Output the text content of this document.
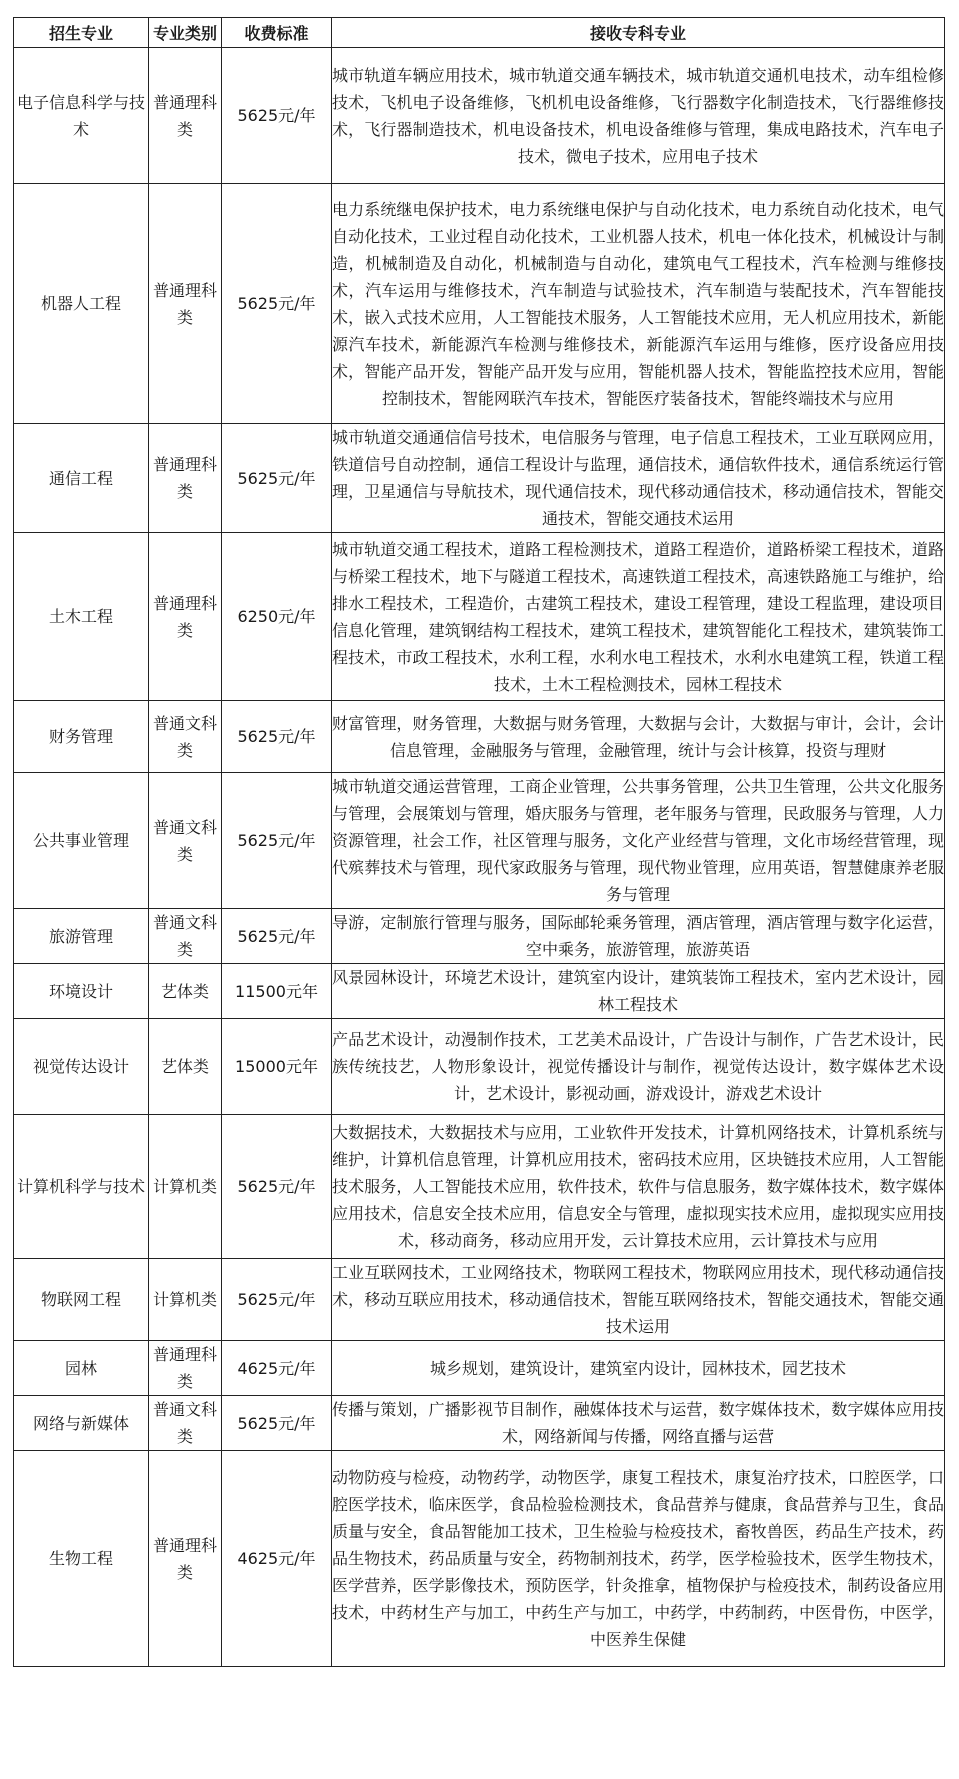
招生专业	专业类别	收费标准	接收专科专业
电子信息科学与技术	普通理科类	5625元/年	城市轨道车辆应用技术，城市轨道交通车辆技术，城市轨道交通机电技术，动车组检修技术，飞机电子设备维修，飞机机电设备维修，飞行器数字化制造技术，飞行器维修技术，飞行器制造技术，机电设备技术，机电设备维修与管理，集成电路技术，汽车电子技术，微电子技术，应用电子技术
机器人工程	普通理科类	5625元/年	电力系统继电保护技术，电力系统继电保护与自动化技术，电力系统自动化技术，电气自动化技术，工业过程自动化技术，工业机器人技术，机电一体化技术，机械设计与制造，机械制造及自动化，机械制造与自动化，建筑电气工程技术，汽车检测与维修技术，汽车运用与维修技术，汽车制造与试验技术，汽车制造与装配技术，汽车智能技术，嵌入式技术应用，人工智能技术服务，人工智能技术应用，无人机应用技术，新能源汽车技术，新能源汽车检测与维修技术，新能源汽车运用与维修，医疗设备应用技术，智能产品开发，智能产品开发与应用，智能机器人技术，智能监控技术应用，智能控制技术，智能网联汽车技术，智能医疗装备技术，智能终端技术与应用
通信工程	普通理科类	5625元/年	城市轨道交通通信信号技术，电信服务与管理，电子信息工程技术，工业互联网应用，铁道信号自动控制，通信工程设计与监理，通信技术，通信软件技术，通信系统运行管理，卫星通信与导航技术，现代通信技术，现代移动通信技术，移动通信技术，智能交通技术，智能交通技术运用
土木工程	普通理科类	6250元/年	城市轨道交通工程技术，道路工程检测技术，道路工程造价，道路桥梁工程技术，道路与桥梁工程技术，地下与隧道工程技术，高速铁道工程技术，高速铁路施工与维护，给排水工程技术，工程造价，古建筑工程技术，建设工程管理，建设工程监理，建设项目信息化管理，建筑钢结构工程技术，建筑工程技术，建筑智能化工程技术，建筑装饰工程技术，市政工程技术，水利工程，水利水电工程技术，水利水电建筑工程，铁道工程技术，土木工程检测技术，园林工程技术
财务管理	普通文科类	5625元/年	财富管理，财务管理，大数据与财务管理，大数据与会计，大数据与审计，会计，会计信息管理，金融服务与管理，金融管理，统计与会计核算，投资与理财
公共事业管理	普通文科类	5625元/年	城市轨道交通运营管理，工商企业管理，公共事务管理，公共卫生管理，公共文化服务与管理，会展策划与管理，婚庆服务与管理，老年服务与管理，民政服务与管理，人力资源管理，社会工作，社区管理与服务，文化产业经营与管理，文化市场经营管理，现代殡葬技术与管理，现代家政服务与管理，现代物业管理，应用英语，智慧健康养老服务与管理
旅游管理	普通文科类	5625元/年	导游，定制旅行管理与服务，国际邮轮乘务管理，酒店管理，酒店管理与数字化运营，空中乘务，旅游管理，旅游英语
环境设计	艺体类	11500元年	风景园林设计，环境艺术设计，建筑室内设计，建筑装饰工程技术，室内艺术设计，园林工程技术
视觉传达设计	艺体类	15000元年	产品艺术设计，动漫制作技术，工艺美术品设计，广告设计与制作，广告艺术设计，民族传统技艺，人物形象设计，视觉传播设计与制作，视觉传达设计，数字媒体艺术设计，艺术设计，影视动画，游戏设计，游戏艺术设计
计算机科学与技术	计算机类	5625元/年	大数据技术，大数据技术与应用，工业软件开发技术，计算机网络技术，计算机系统与维护，计算机信息管理，计算机应用技术，密码技术应用，区块链技术应用，人工智能技术服务，人工智能技术应用，软件技术，软件与信息服务，数字媒体技术，数字媒体应用技术，信息安全技术应用，信息安全与管理，虚拟现实技术应用，虚拟现实应用技术，移动商务，移动应用开发，云计算技术应用，云计算技术与应用
物联网工程	计算机类	5625元/年	工业互联网技术，工业网络技术，物联网工程技术，物联网应用技术，现代移动通信技术，移动互联应用技术，移动通信技术，智能互联网络技术，智能交通技术，智能交通技术运用
园林	普通理科类	4625元/年	城乡规划，建筑设计，建筑室内设计，园林技术，园艺技术
网络与新媒体	普通文科类	5625元/年	传播与策划，广播影视节目制作，融媒体技术与运营，数字媒体技术，数字媒体应用技术，网络新闻与传播，网络直播与运营
生物工程	普通理科类	4625元/年	动物防疫与检疫，动物药学，动物医学，康复工程技术，康复治疗技术，口腔医学，口腔医学技术，临床医学，食品检验检测技术，食品营养与健康，食品营养与卫生，食品质量与安全，食品智能加工技术，卫生检验与检疫技术，畜牧兽医，药品生产技术，药品生物技术，药品质量与安全，药物制剂技术，药学，医学检验技术，医学生物技术，医学营养，医学影像技术，预防医学，针灸推拿，植物保护与检疫技术，制药设备应用技术，中药材生产与加工，中药生产与加工，中药学，中药制药，中医骨伤，中医学，中医养生保健
